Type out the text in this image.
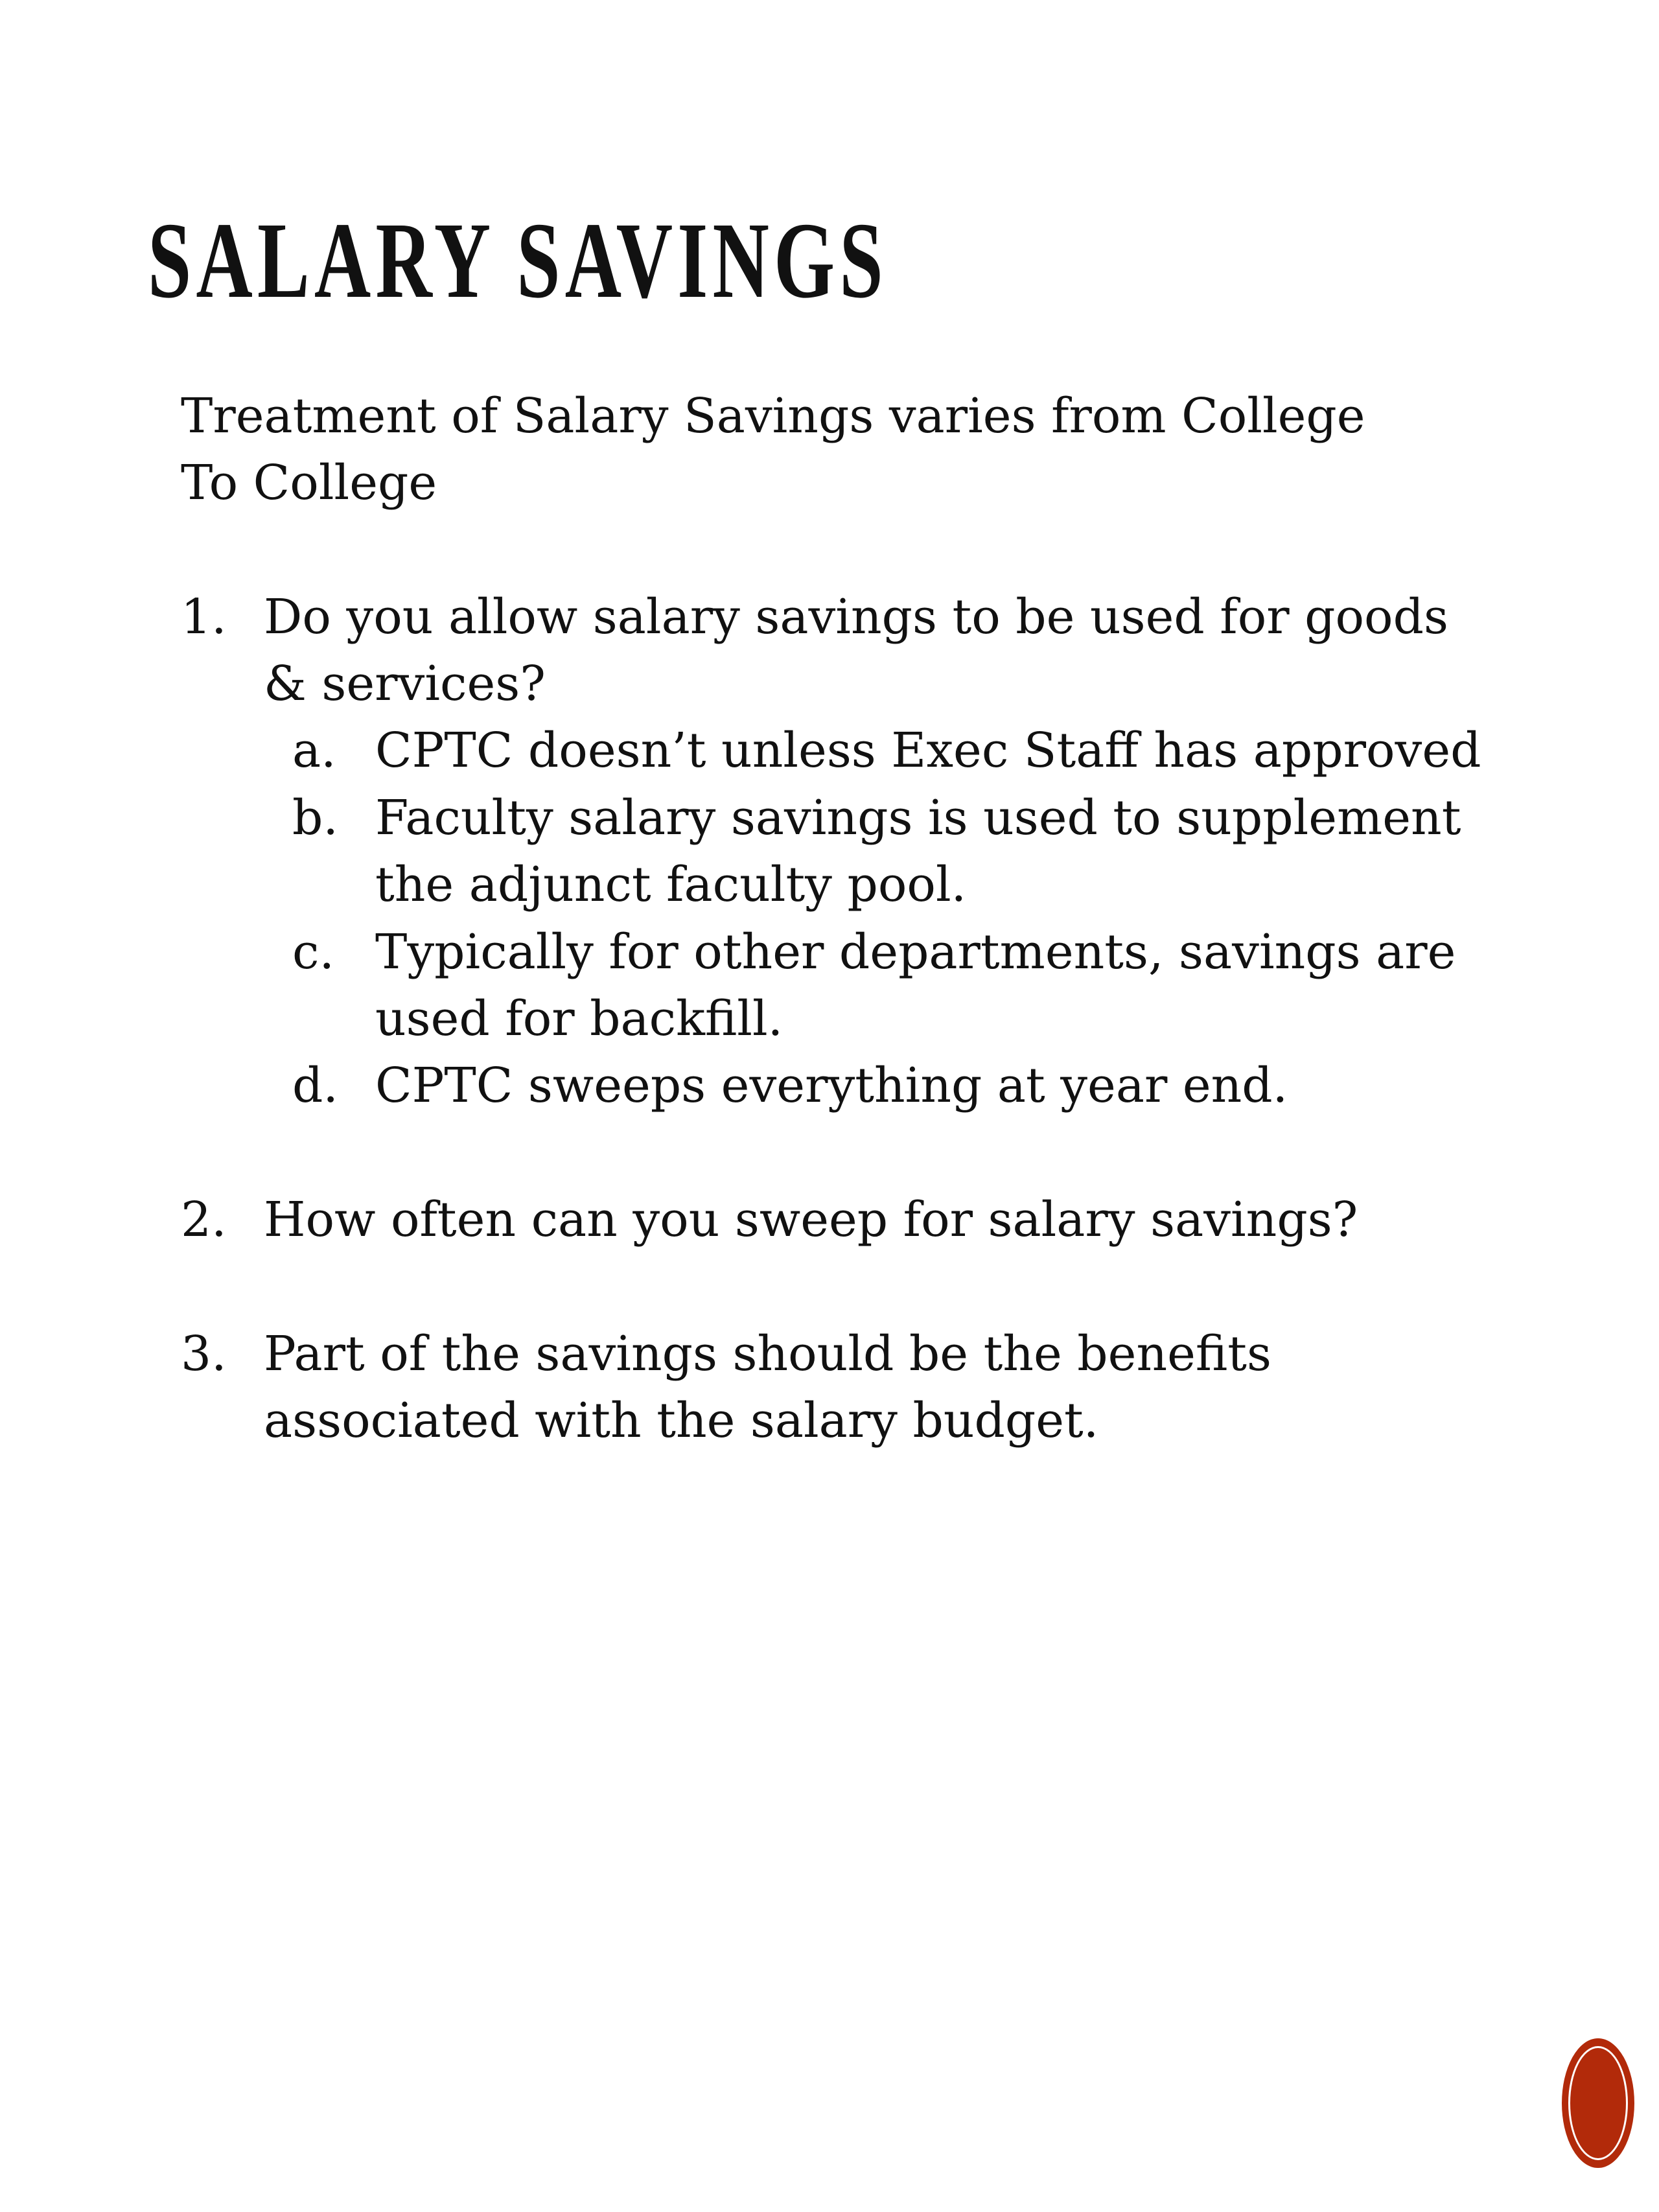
SALARY SAVINGS
Treatment of Salary Savings varies from College
To College
1. Do you allow salary savings to be used for goods
& services?
a. CPTC doesn’t unless Exec Staff has approved
b. Faculty salary savings is used to supplement
the adjunct faculty pool.
c. Typically for other departments, savings are
used for backfill.
d. CPTC sweeps everything at year end.
2. How often can you sweep for salary savings?
3. Part of the savings should be the benefits
associated with the salary budget.
